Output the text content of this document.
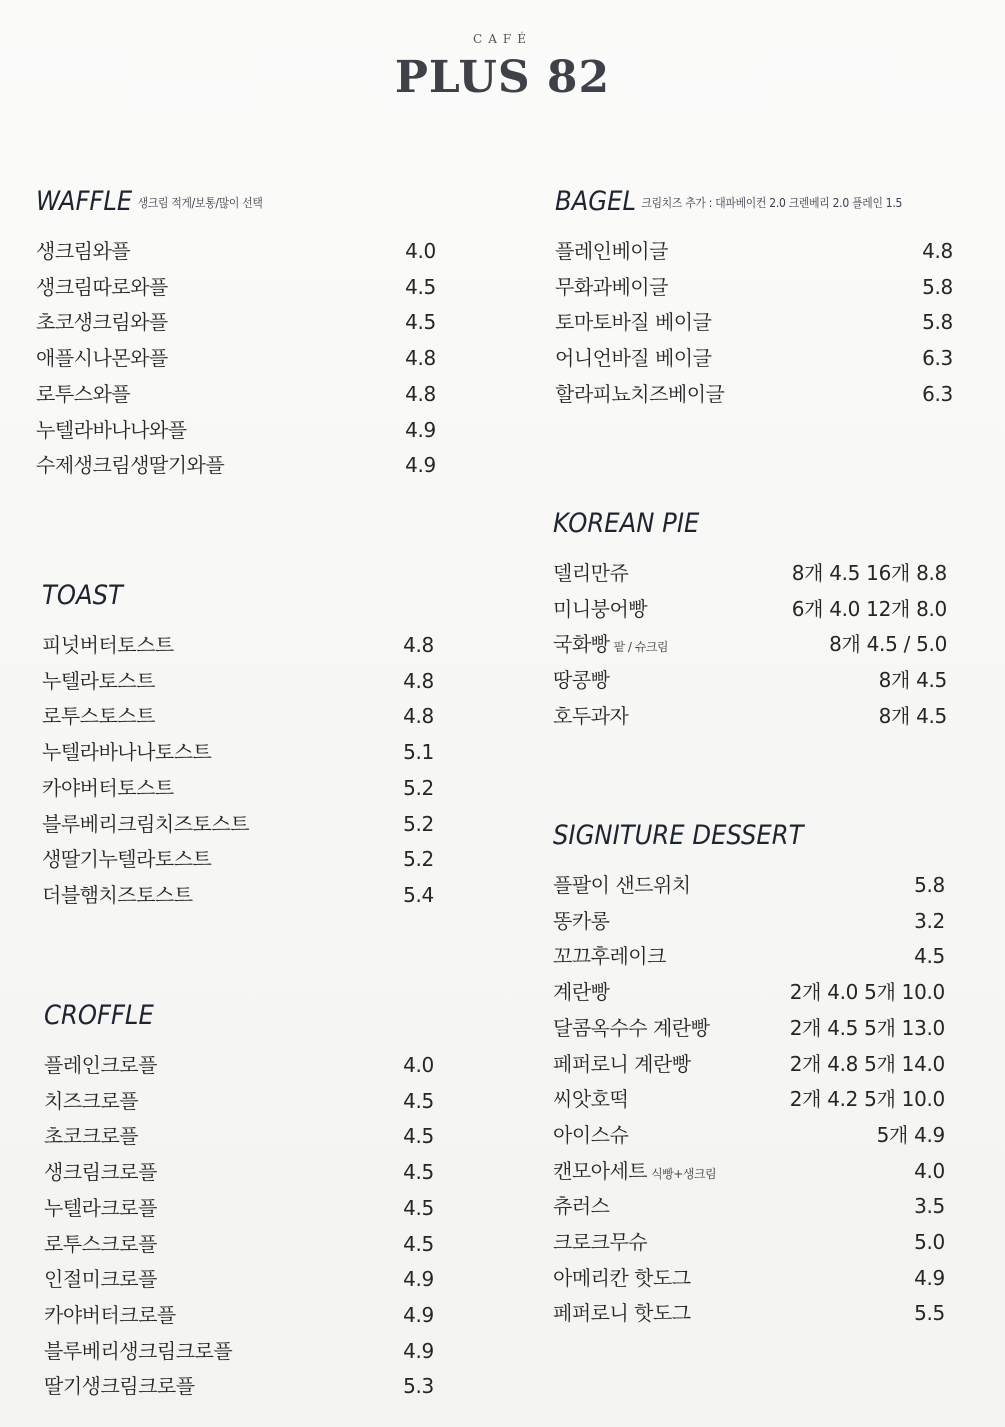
CAFÉ
PLUS 82
WAFFLE 생크림 적게/보통/많이 선택
생크림와플	4.0
생크림따로와플	4.5
초코생크림와플	4.5
애플시나몬와플	4.8
로투스와플	4.8
누텔라바나나와플	4.9
수제생크림생딸기와플	4.9
TOAST
피넛버터토스트	4.8
누텔라토스트	4.8
로투스토스트	4.8
누텔라바나나토스트	5.1
카야버터토스트	5.2
블루베리크림치즈토스트	5.2
생딸기누텔라토스트	5.2
더블햄치즈토스트	5.4
CROFFLE
플레인크로플	4.0
치즈크로플	4.5
초코크로플	4.5
생크림크로플	4.5
누텔라크로플	4.5
로투스크로플	4.5
인절미크로플	4.9
카야버터크로플	4.9
블루베리생크림크로플	4.9
딸기생크림크로플	5.3
BAGEL 크림치즈 추가 : 대파베이컨 2.0 크렌베리 2.0 플레인 1.5
플레인베이글	4.8
무화과베이글	5.8
토마토바질 베이글	5.8
어니언바질 베이글	6.3
할라피뇨치즈베이글	6.3
KOREAN PIE
델리만쥬	8개 4.5 16개 8.8
미니붕어빵	6개 4.0 12개 8.0
국화빵 팥 / 슈크림	8개 4.5 / 5.0
땅콩빵	8개 4.5
호두과자	8개 4.5
SIGNITURE DESSERT
플팔이 샌드위치	5.8
똥카롱	3.2
꼬끄후레이크	4.5
계란빵	2개 4.0 5개 10.0
달콤옥수수 계란빵	2개 4.5 5개 13.0
페퍼로니 계란빵	2개 4.8 5개 14.0
씨앗호떡	2개 4.2 5개 10.0
아이스슈	5개 4.9
캔모아세트 식빵+생크림	4.0
츄러스	3.5
크로크무슈	5.0
아메리칸 핫도그	4.9
페퍼로니 핫도그	5.5
